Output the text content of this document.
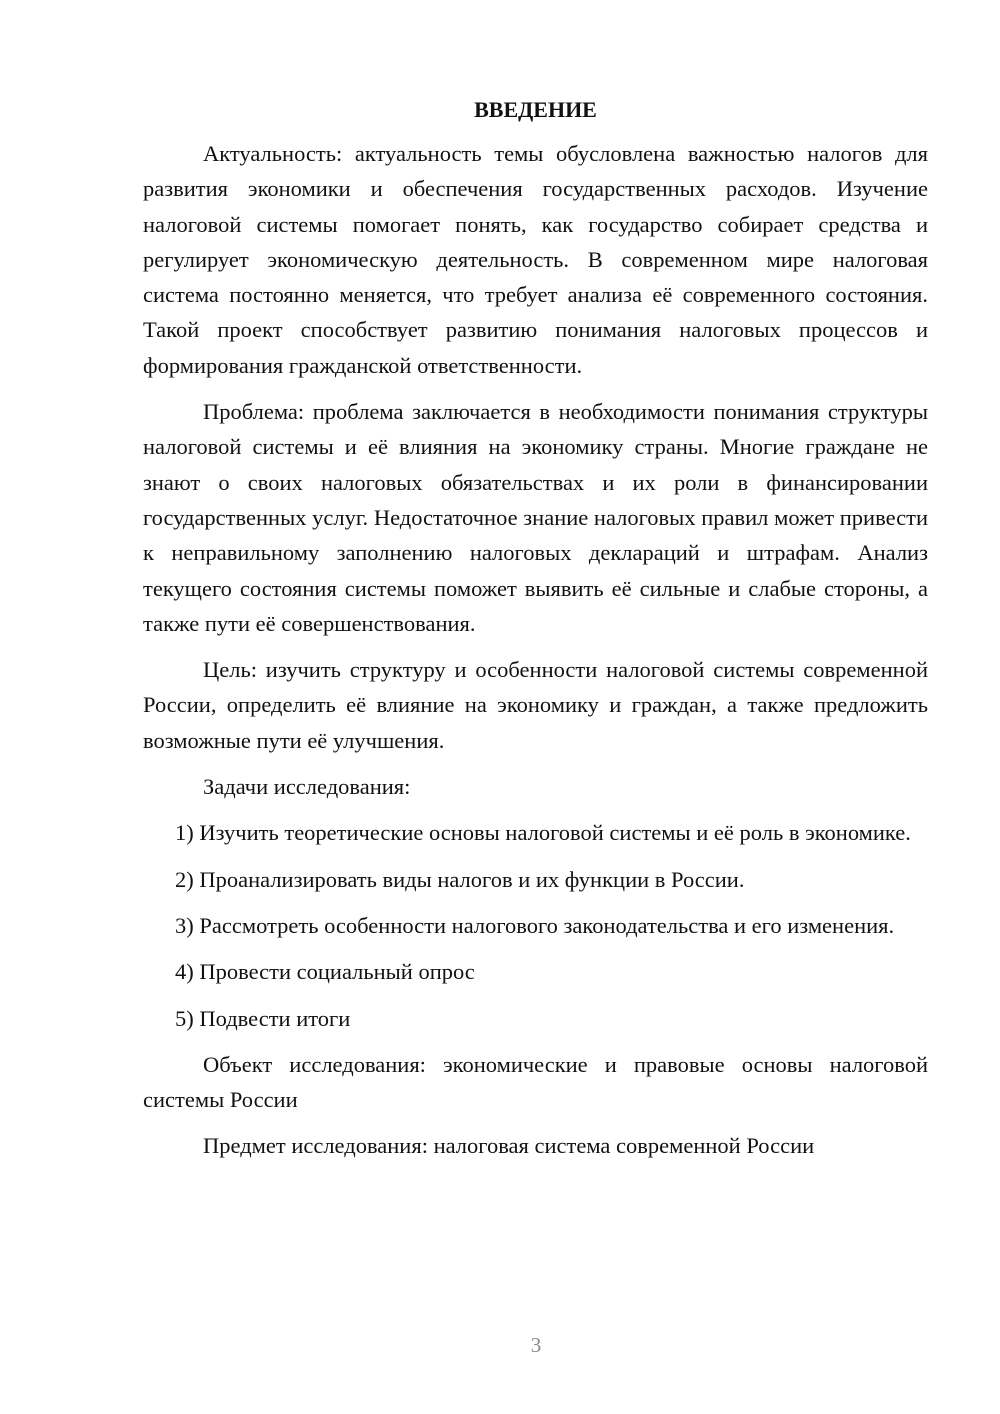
ВВЕДЕНИЕ

Актуальность: актуальность темы обусловлена важностью налогов для развития экономики и обеспечения государственных расходов. Изучение налоговой системы помогает понять, как государство собирает средства и регулирует экономическую деятельность. В современном мире налоговая система постоянно меняется, что требует анализа её современного состояния. Такой проект способствует развитию понимания налоговых процессов и формирования гражданской ответственности.

Проблема: проблема заключается в необходимости понимания структуры налоговой системы и её влияния на экономику страны. Многие граждане не знают о своих налоговых обязательствах и их роли в финансировании государственных услуг. Недостаточное знание налоговых правил может привести к неправильному заполнению налоговых деклараций и штрафам. Анализ текущего состояния системы поможет выявить её сильные и слабые стороны, а также пути её совершенствования.

Цель: изучить структуру и особенности налоговой системы современной России, определить её влияние на экономику и граждан, а также предложить возможные пути её улучшения.

Задачи исследования:

1) Изучить теоретические основы налоговой системы и её роль в экономике.

2) Проанализировать виды налогов и их функции в России.

3) Рассмотреть особенности налогового законодательства и его изменения.

4) Провести социальный опрос

5) Подвести итоги

Объект исследования: экономические и правовые основы налоговой системы России

Предмет исследования: налоговая система современной России

3
